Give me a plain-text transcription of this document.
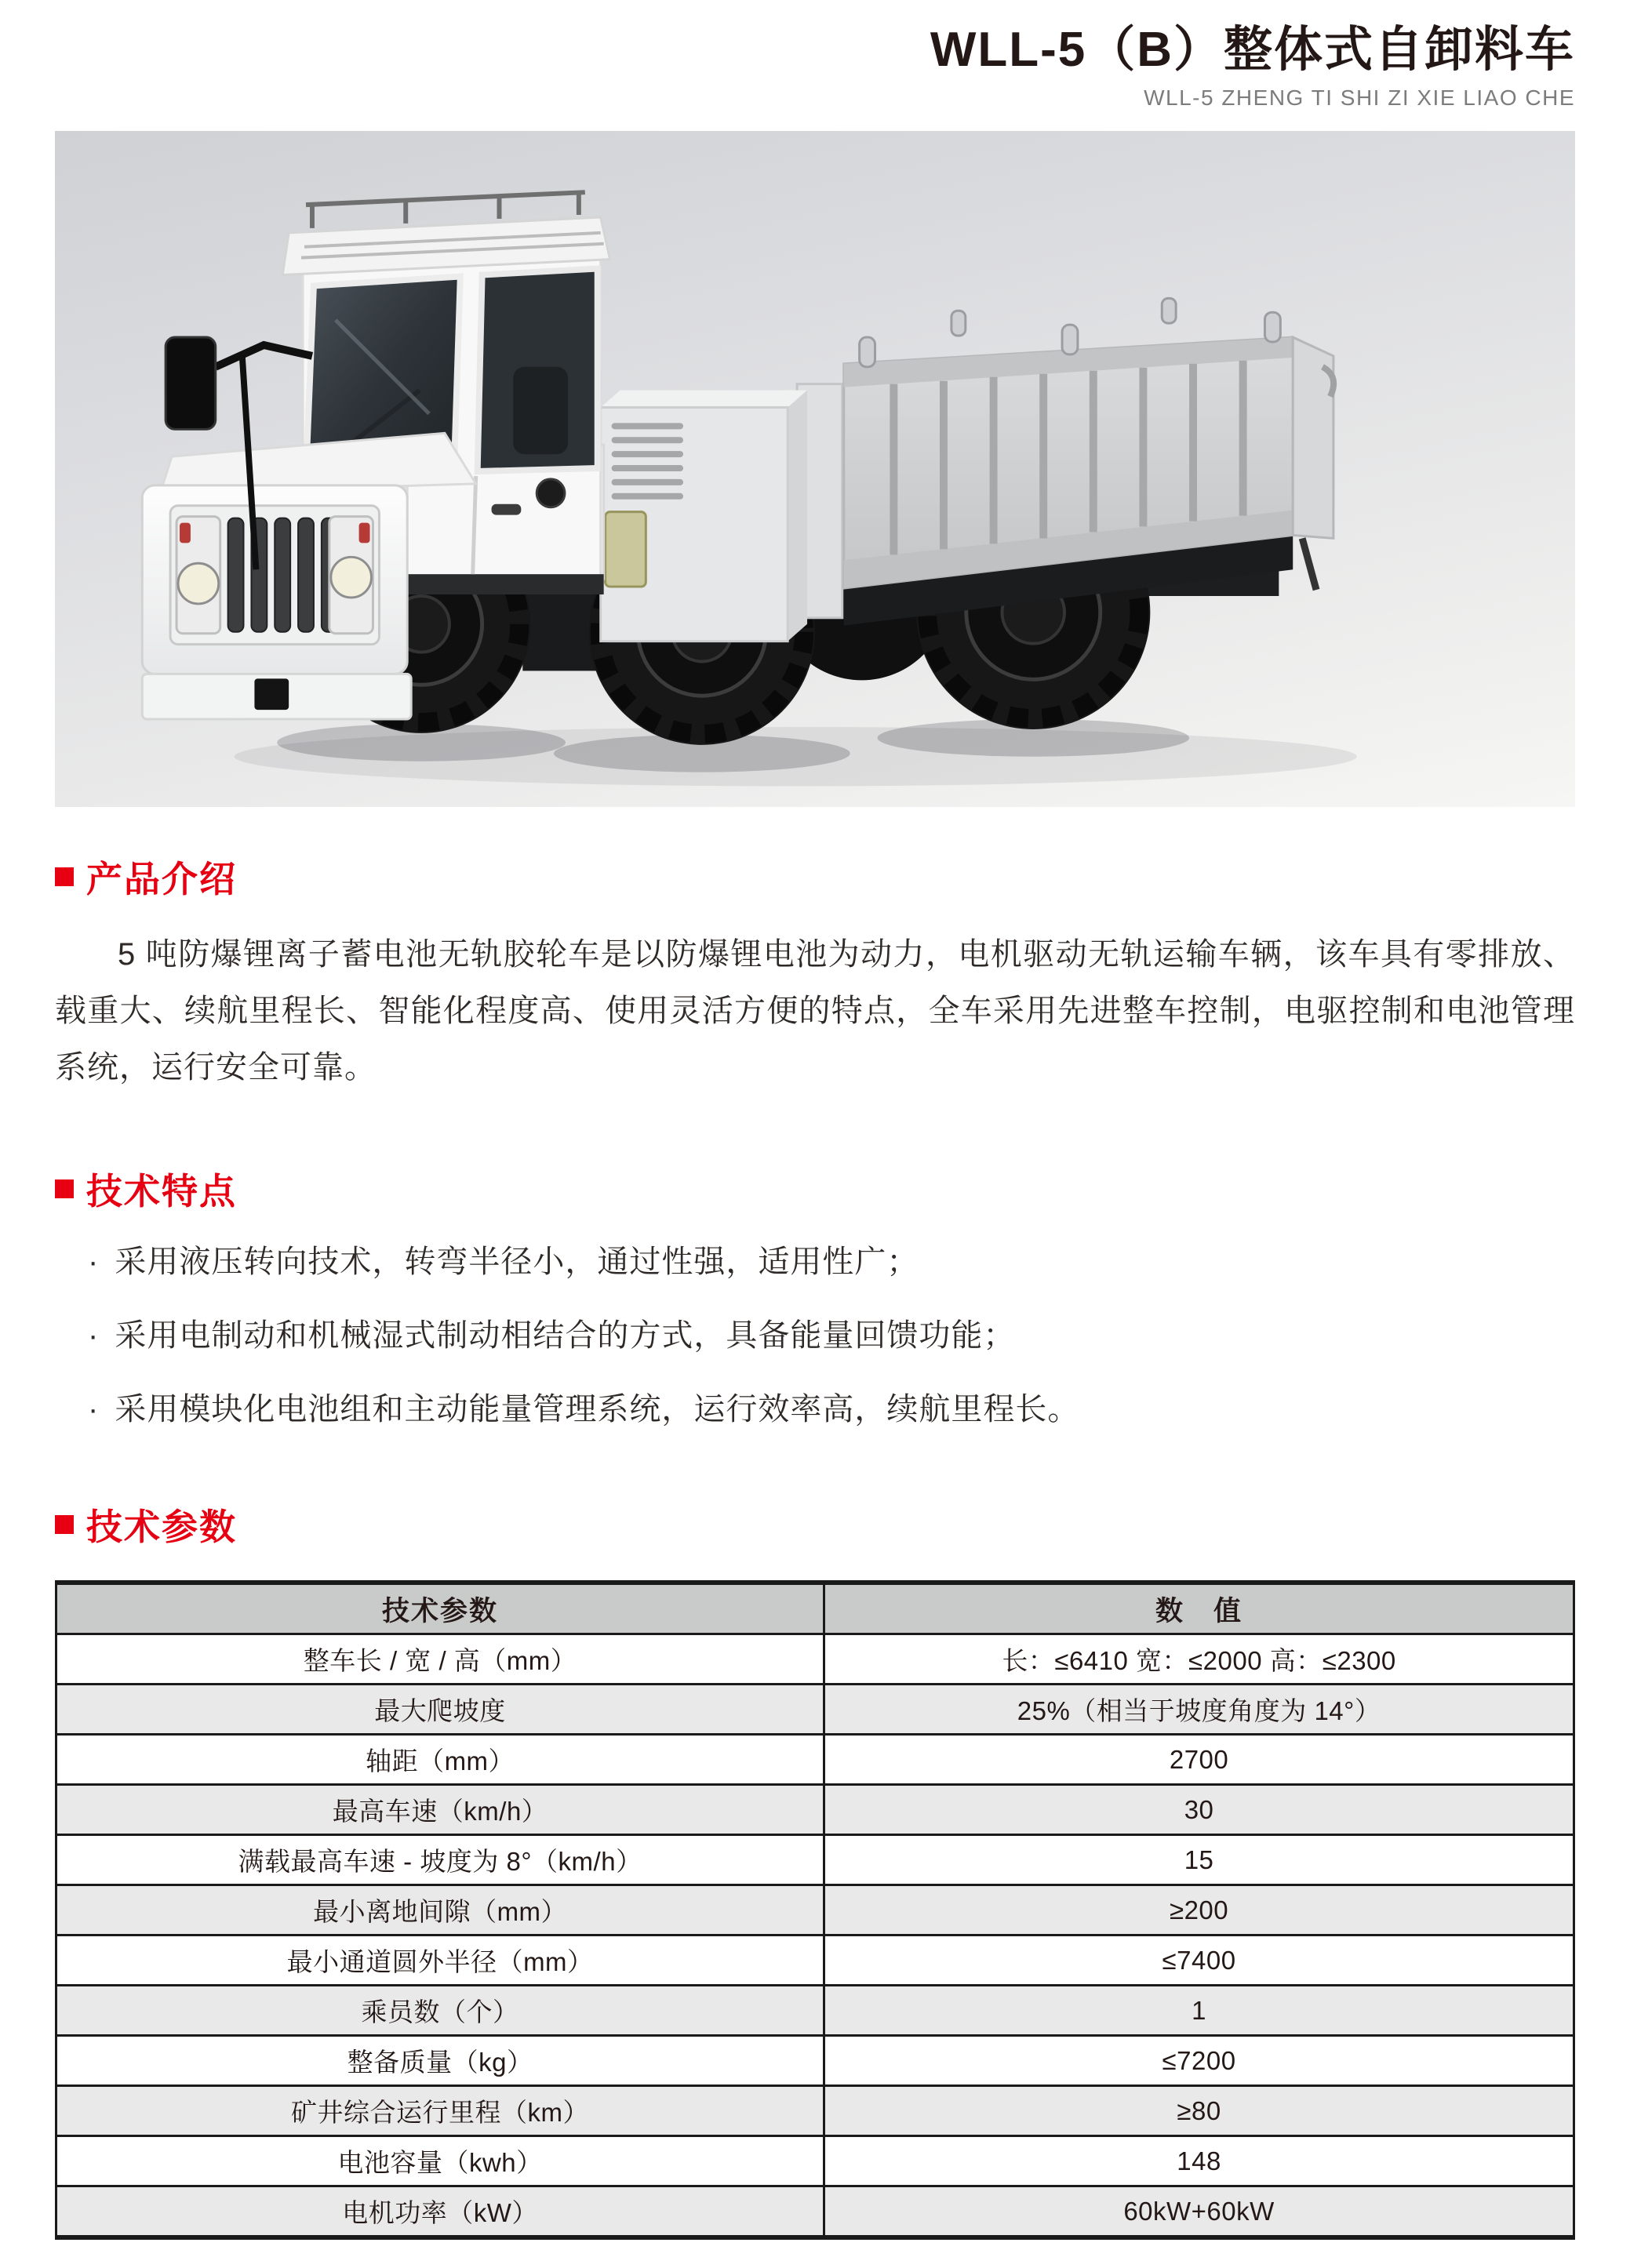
WLL-5（B）整体式自卸料车
WLL-5 ZHENG TI SHI ZI XIE LIAO CHE
产品介绍

5 吨防爆锂离子蓄电池无轨胶轮车是以防爆锂电池为动力，电机驱动无轨运输车辆，该车具有零排放、载重大、续航里程长、智能化程度高、使用灵活方便的特点，全车采用先进整车控制，电驱控制和电池管理系统，运行安全可靠。

技术特点
· 采用液压转向技术，转弯半径小，通过性强，适用性广；
· 采用电制动和机械湿式制动相结合的方式，具备能量回馈功能；
· 采用模块化电池组和主动能量管理系统，运行效率高，续航里程长。
技术参数
技术参数	数　值
整车长 / 宽 / 高（mm）	长：≤6410 宽：≤2000 高：≤2300
最大爬坡度	25%（相当于坡度角度为 14°）
轴距（mm）	2700
最高车速（km/h）	30
满载最高车速 - 坡度为 8°（km/h）	15
最小离地间隙（mm）	≥200
最小通道圆外半径（mm）	≤7400
乘员数（个）	1
整备质量（kg）	≤7200
矿井综合运行里程（km）	≥80
电池容量（kwh）	148
电机功率（kW）	60kW+60kW
